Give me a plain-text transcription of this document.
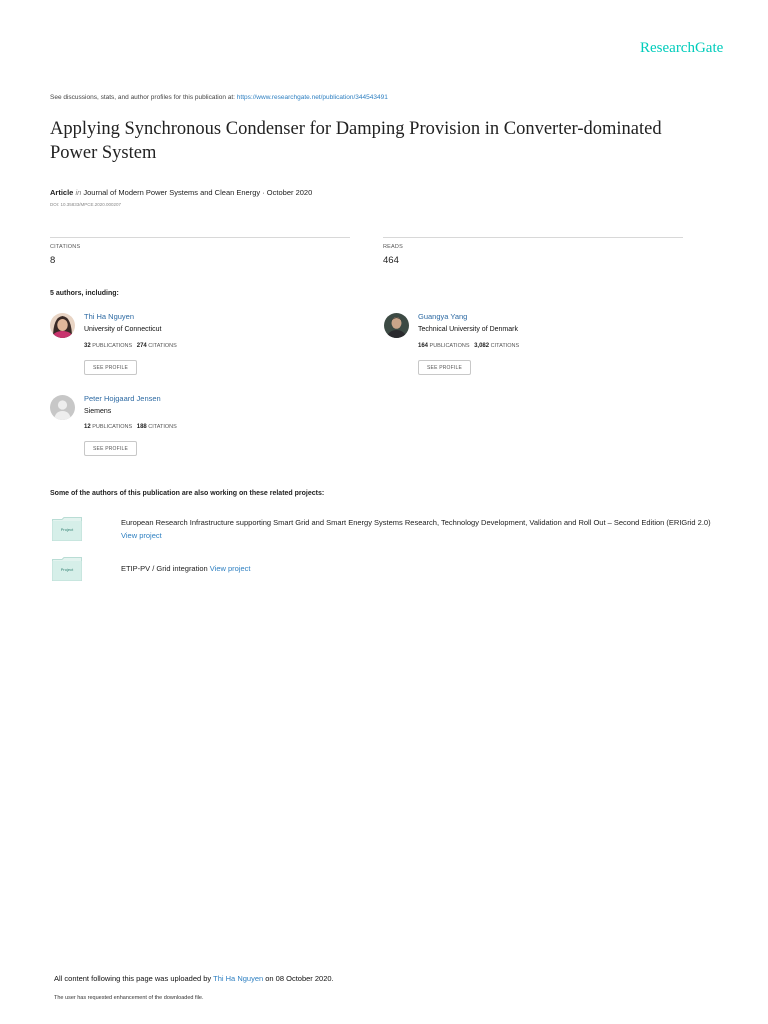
ResearchGate
See discussions, stats, and author profiles for this publication at: https://www.researchgate.net/publication/344543491
Applying Synchronous Condenser for Damping Provision in Converter-dominated Power System
Article in Journal of Modern Power Systems and Clean Energy · October 2020
DOI: 10.35833/MPCE.2020.000207
CITATIONS
8
READS
464
5 authors, including:
Thi Ha Nguyen
University of Connecticut
32 PUBLICATIONS 274 CITATIONS
SEE PROFILE
Guangya Yang
Technical University of Denmark
164 PUBLICATIONS 3,082 CITATIONS
SEE PROFILE
Peter Hojgaard Jensen
Siemens
12 PUBLICATIONS 188 CITATIONS
SEE PROFILE
Some of the authors of this publication are also working on these related projects:
Project
European Research Infrastructure supporting Smart Grid and Smart Energy Systems Research, Technology Development, Validation and Roll Out – Second Edition (ERIGrid 2.0) View project
Project	ETIP-PV / Grid integration View project
All content following this page was uploaded by Thi Ha Nguyen on 08 October 2020.
The user has requested enhancement of the downloaded file.
